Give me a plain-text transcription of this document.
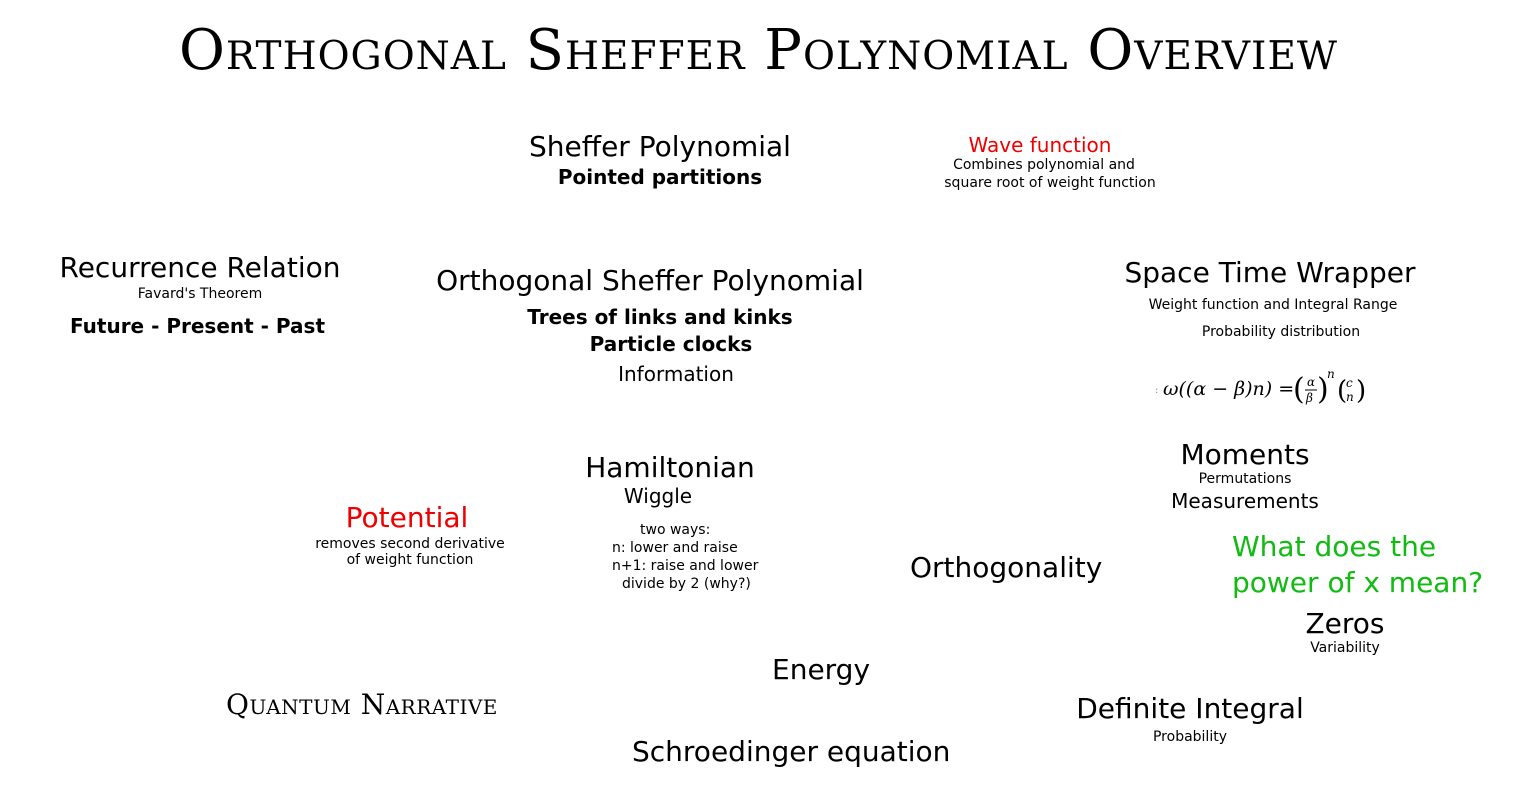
Orthogonal Sheffer Polynomial Overview
Sheffer Polynomial
Pointed partitions
Wave function
Combines polynomial and
square root of weight function
Recurrence Relation
Favard's Theorem
Future - Present - Past
Orthogonal Sheffer Polynomial
Trees of links and kinks
Particle clocks
Information
Space Time Wrapper
Weight function and Integral Range
Probability distribution
: ω((α − β)n) =
( α
β )
n
(
c
n )
Hamiltonian
Wiggle
two ways:
n: lower and raise
n+1: raise and lower
divide by 2 (why?)
Moments
Permutations
Measurements
Potential
removes second derivative
of weight function	Orthogonality
What does the
power of x mean?
Zeros
Variability
Energy
Quantum Narrative	Definite Integral
Probability
Schroedinger equation
